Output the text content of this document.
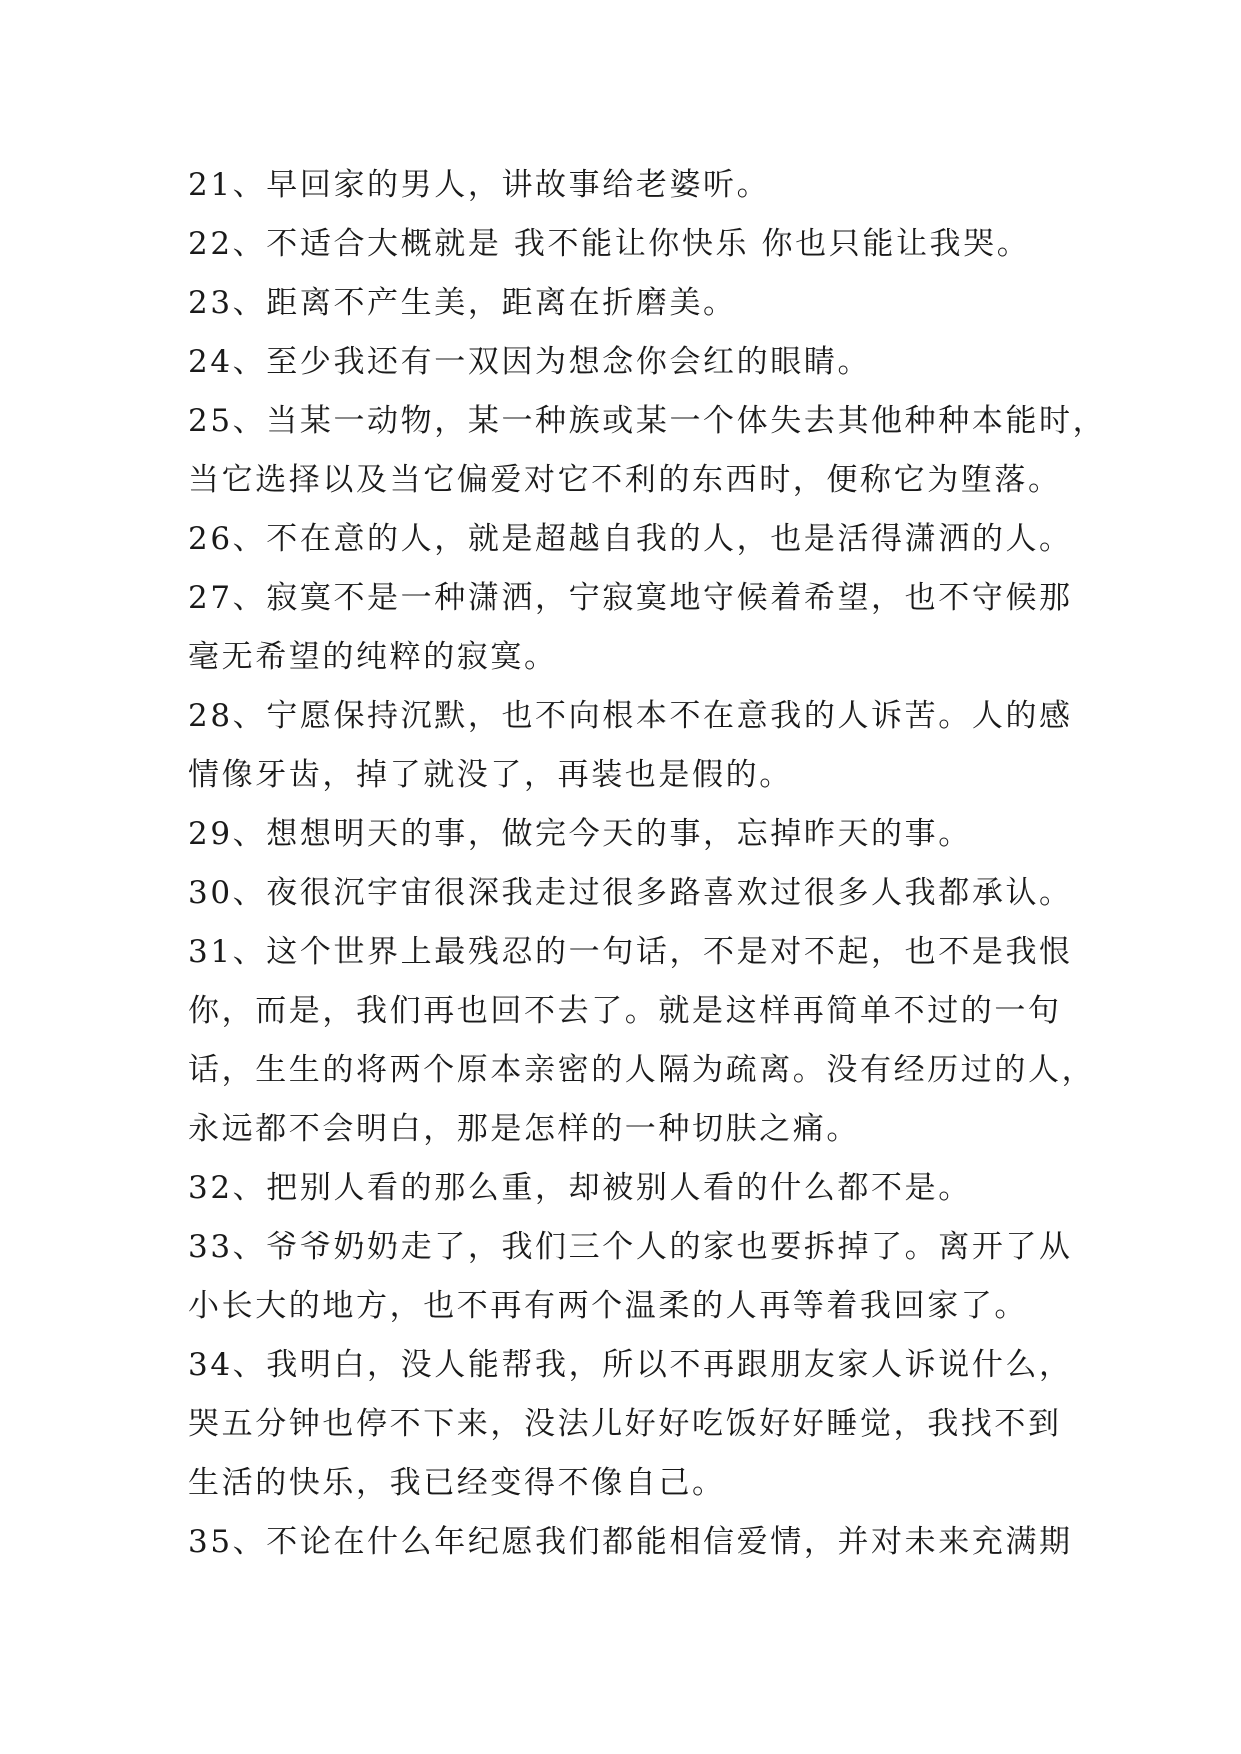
21、早回家的男人，讲故事给老婆听。
22、不适合大概就是 我不能让你快乐 你也只能让我哭。
23、距离不产生美，距离在折磨美。
24、至少我还有一双因为想念你会红的眼睛。
25、当某一动物，某一种族或某一个体失去其他种种本能时，
当它选择以及当它偏爱对它不利的东西时，便称它为堕落。
26、不在意的人，就是超越自我的人，也是活得潇洒的人。
27、寂寞不是一种潇洒，宁寂寞地守候着希望，也不守候那
毫无希望的纯粹的寂寞。
28、宁愿保持沉默，也不向根本不在意我的人诉苦。人的感
情像牙齿，掉了就没了，再装也是假的。
29、想想明天的事，做完今天的事，忘掉昨天的事。
30、夜很沉宇宙很深我走过很多路喜欢过很多人我都承认。
31、这个世界上最残忍的一句话，不是对不起，也不是我恨
你，而是，我们再也回不去了。就是这样再简单不过的一句
话，生生的将两个原本亲密的人隔为疏离。没有经历过的人，
永远都不会明白，那是怎样的一种切肤之痛。
32、把别人看的那么重，却被别人看的什么都不是。
33、爷爷奶奶走了，我们三个人的家也要拆掉了。离开了从
小长大的地方，也不再有两个温柔的人再等着我回家了。
34、我明白，没人能帮我，所以不再跟朋友家人诉说什么，
哭五分钟也停不下来，没法儿好好吃饭好好睡觉，我找不到
生活的快乐，我已经变得不像自己。
35、不论在什么年纪愿我们都能相信爱情，并对未来充满期
